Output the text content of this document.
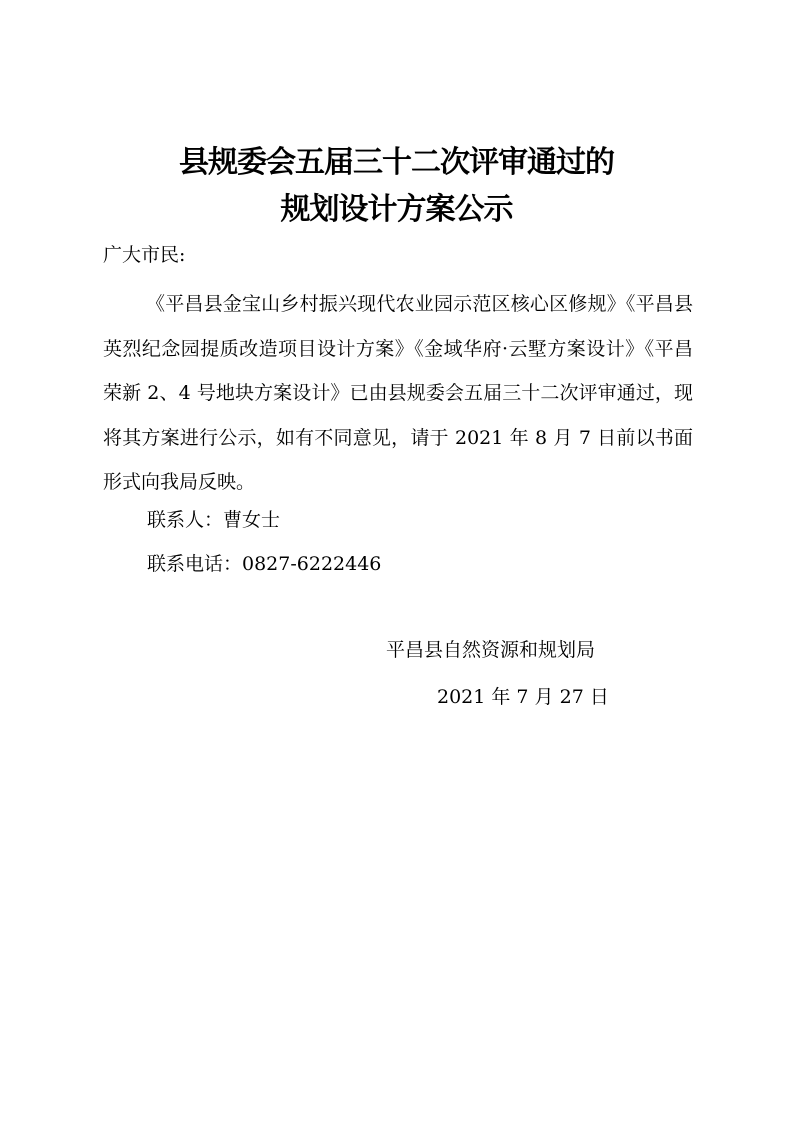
县规委会五届三十二次评审通过的
规划设计方案公示
广大市民:

《平昌县金宝山乡村振兴现代农业园示范区核心区修规》《平昌县英烈纪念园提质改造项目设计方案》《金域华府·云墅方案设计》《平昌荣新 2、4 号地块方案设计》已由县规委会五届三十二次评审通过，现将其方案进行公示，如有不同意见，请于 2021 年 8 月 7 日前以书面形式向我局反映。

联系人：曹女士
联系电话：0827-6222446
平昌县自然资源和规划局
2021 年 7 月 27 日
